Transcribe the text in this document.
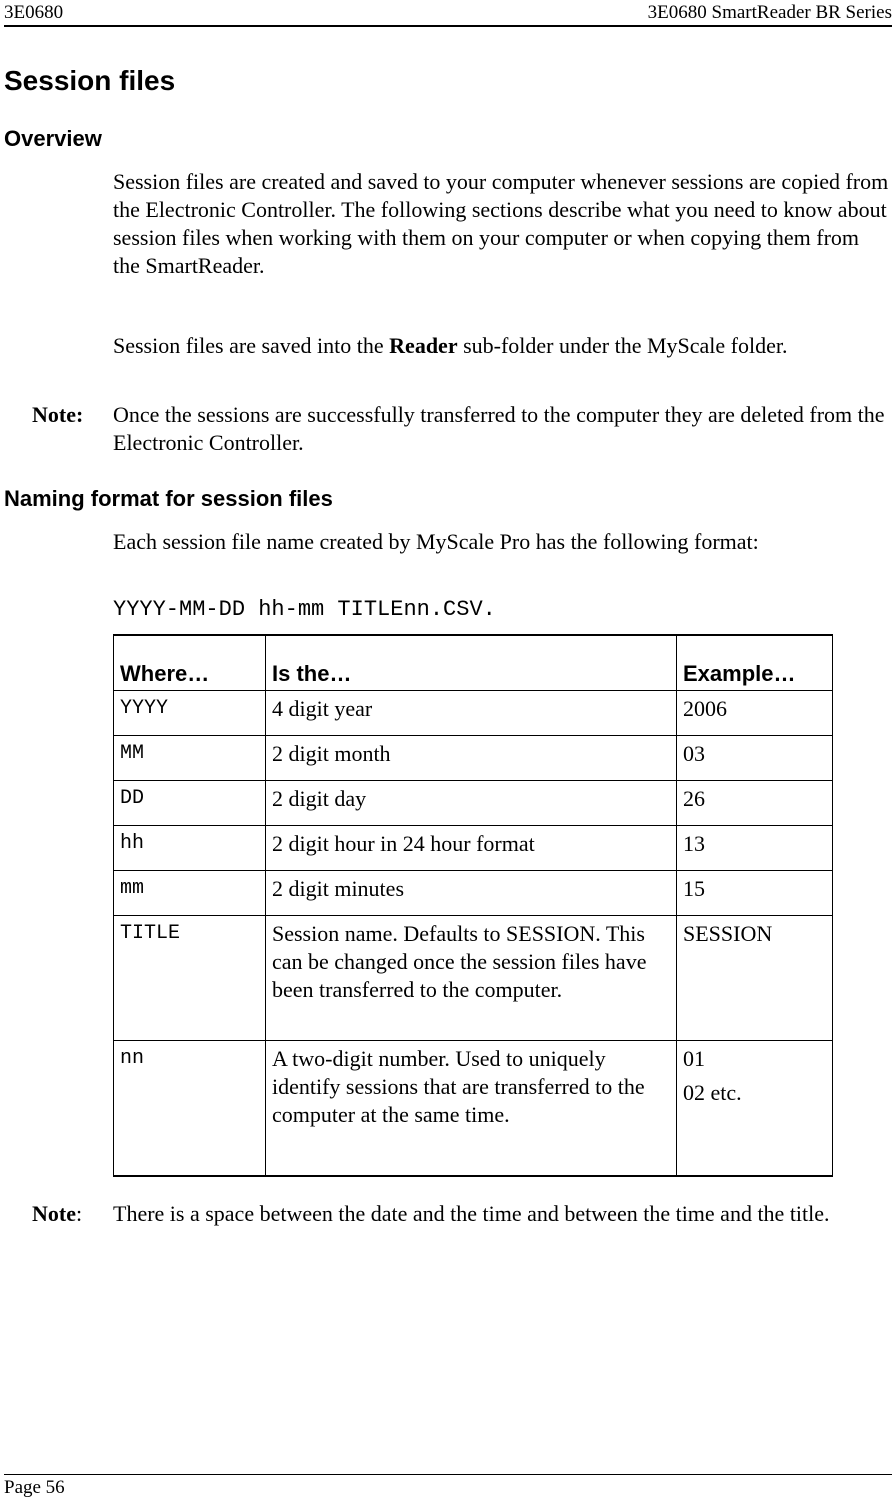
3E0680	3E0680 SmartReader BR Series
Session files
Overview
Session files are created and saved to your computer whenever sessions are copied from the Electronic Controller. The following sections describe what you need to know about session files when working with them on your computer or when copying them from the SmartReader.
Session files are saved into the Reader sub-folder under the MyScale folder.
Note: Once the sessions are successfully transferred to the computer they are deleted from the Electronic Controller.
Naming format for session files
Each session file name created by MyScale Pro has the following format:
YYYY-MM-DD hh-mm TITLEnn.CSV.
Where…	Is the…	Example…
YYYY	4 digit year	2006
MM	2 digit month	03
DD	2 digit day	26
hh	2 digit hour in 24 hour format	13
mm	2 digit minutes	15
TITLE	Session name. Defaults to SESSION. This can be changed once the session files have been transferred to the computer.	SESSION
nn	A two-digit number. Used to uniquely identify sessions that are transferred to the computer at the same time.	01
02 etc.
Note: There is a space between the date and the time and between the time and the title.
Page 56
